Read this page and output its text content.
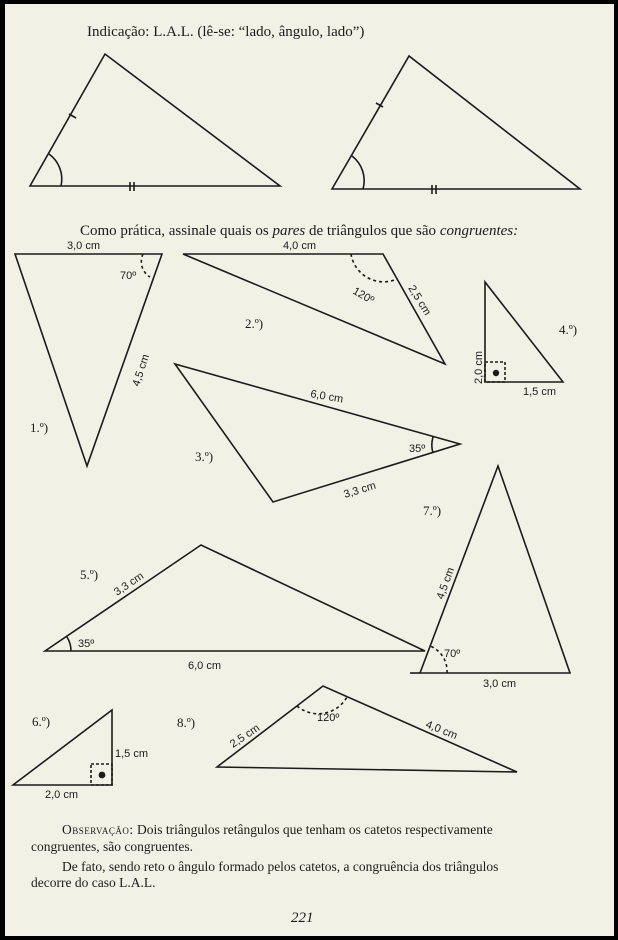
Indicação: L.A.L. (lê-se: “lado, ângulo, lado”)
Como prática, assinale quais os pares de triângulos que são congruentes:
3,0 cm
70º
4,5 cm
1.º)
4,0 cm
120º	2,5 cm
2.º)
6,0 cm
35º
3,3 cm
3.º)
2,0 cm
1,5 cm
4.º)
3,3 cm
35º
6,0 cm
5.º)
1,5 cm
2,0 cm
6.º)
4,5 cm
70º
3,0 cm
7.º)
2,5 cm
120º
4,0 cm
8.º)
Observação: Dois triângulos retângulos que tenham os catetos respectivamente
congruentes, são congruentes.
De fato, sendo reto o ângulo formado pelos catetos, a congruência dos triângulos
decorre do caso L.A.L.
221
